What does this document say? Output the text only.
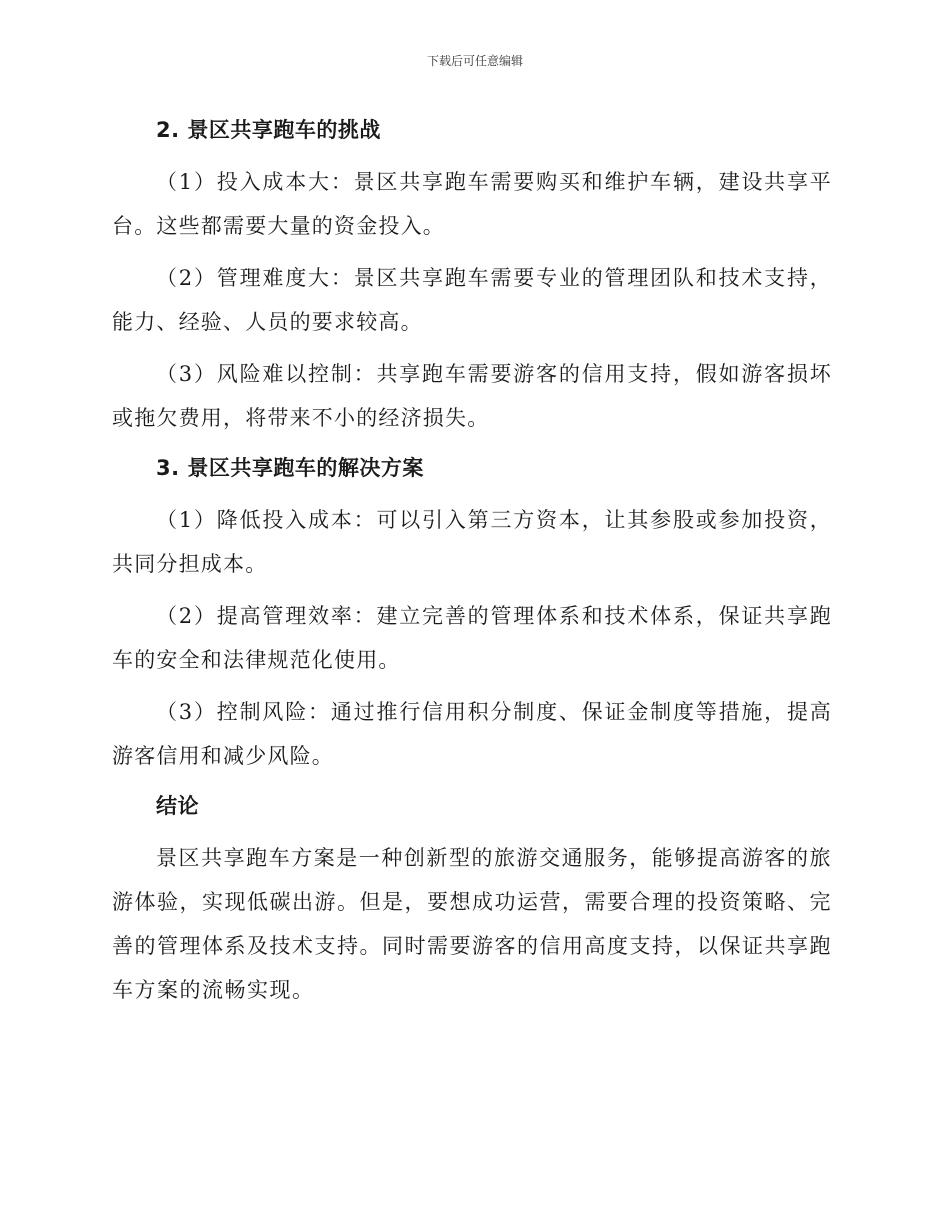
下载后可任意编辑
2. 景区共享跑车的挑战

（1）投入成本大：景区共享跑车需要购买和维护车辆，建设共享平台。这些都需要大量的资金投入。

（2）管理难度大：景区共享跑车需要专业的管理团队和技术支持，能力、经验、人员的要求较高。

（3）风险难以控制：共享跑车需要游客的信用支持，假如游客损坏或拖欠费用，将带来不小的经济损失。

3. 景区共享跑车的解决方案

（1）降低投入成本：可以引入第三方资本，让其参股或参加投资，共同分担成本。

（2）提高管理效率：建立完善的管理体系和技术体系，保证共享跑车的安全和法律规范化使用。

（3）控制风险：通过推行信用积分制度、保证金制度等措施，提高游客信用和减少风险。

结论

景区共享跑车方案是一种创新型的旅游交通服务，能够提高游客的旅游体验，实现低碳出游。但是，要想成功运营，需要合理的投资策略、完善的管理体系及技术支持。同时需要游客的信用高度支持，以保证共享跑车方案的流畅实现。
